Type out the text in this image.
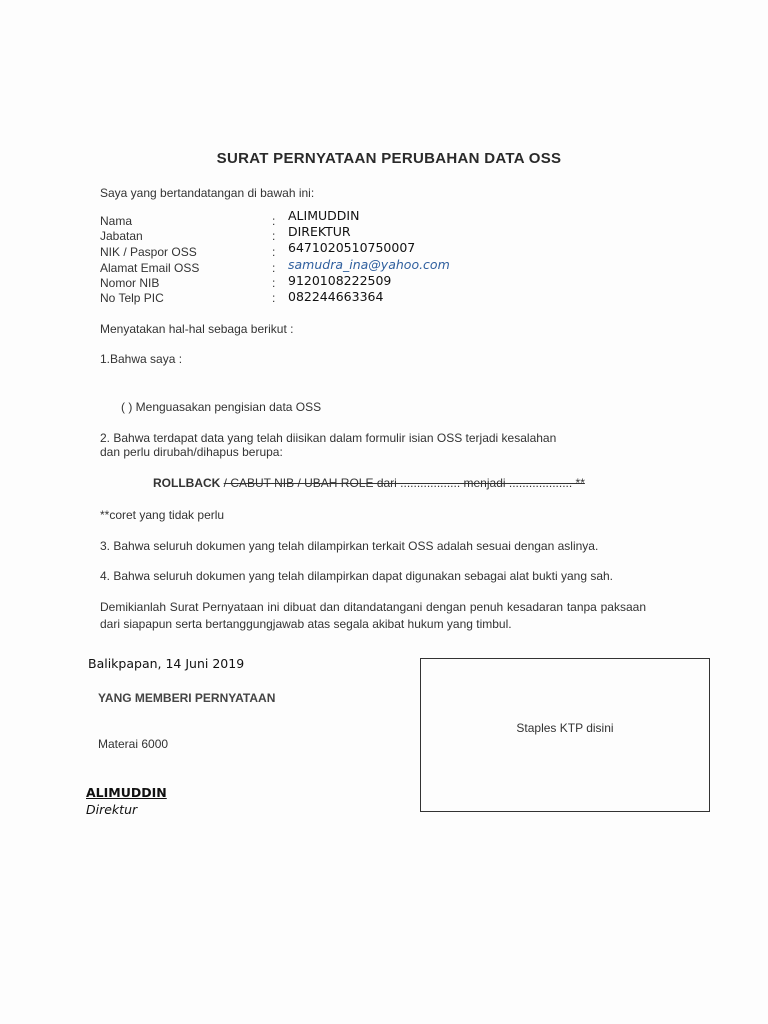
SURAT PERNYATAAN PERUBAHAN DATA OSS
Saya yang bertandatangan di bawah ini:
Nama	: ALIMUDDIN
Jabatan	: DIREKTUR
NIK / Paspor OSS	: 6471020510750007
Alamat Email OSS	: samudra_ina@yahoo.com
Nomor NIB	: 9120108222509
No Telp PIC	: 082244663364
Menyatakan hal-hal sebaga berikut :
1.Bahwa saya :
( ) Menguasakan pengisian data OSS
2. Bahwa terdapat data yang telah diisikan dalam formulir isian OSS terjadi kesalahan
dan perlu dirubah/dihapus berupa:
ROLLBACK / CABUT NIB / UBAH ROLE dari .................. menjadi ................... **
**coret yang tidak perlu
3. Bahwa seluruh dokumen yang telah dilampirkan terkait OSS adalah sesuai dengan aslinya.
4. Bahwa seluruh dokumen yang telah dilampirkan dapat digunakan sebagai alat bukti yang sah.
Demikianlah Surat Pernyataan ini dibuat dan ditandatangani dengan penuh kesadaran tanpa paksaan dari siapapun serta bertanggungjawab atas segala akibat hukum yang timbul.
Balikpapan, 14 Juni 2019
YANG MEMBERI PERNYATAAN
Materai 6000
ALIMUDDIN
Direktur
Staples KTP disini
